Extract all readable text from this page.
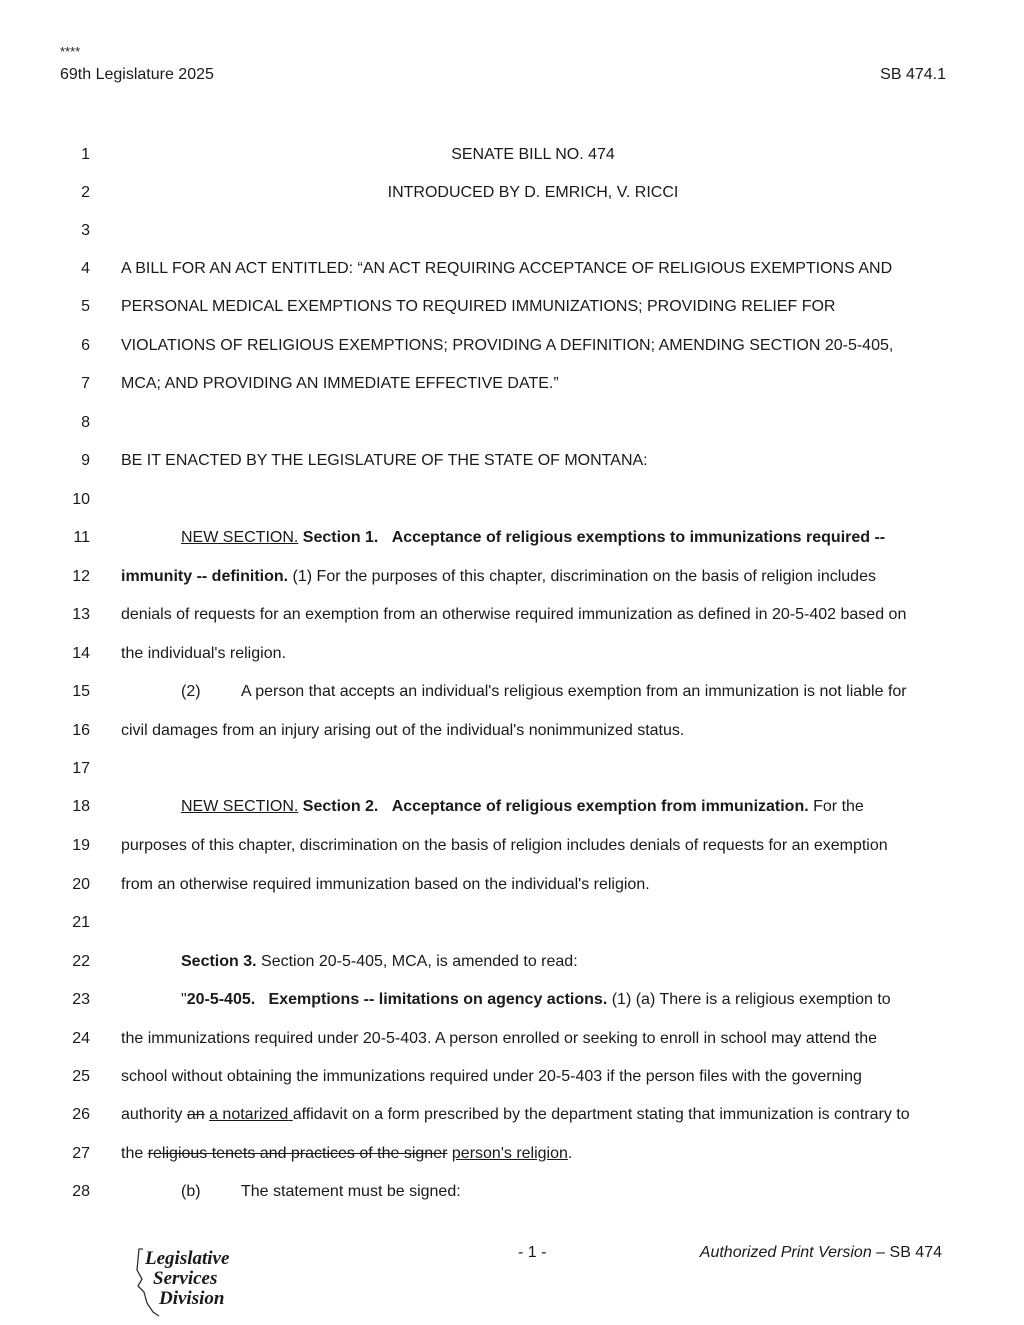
****
69th Legislature 2025	SB 474.1
1	SENATE BILL NO. 474
2	INTRODUCED BY D. EMRICH, V. RICCI
3
4 A BILL FOR AN ACT ENTITLED: “AN ACT REQUIRING ACCEPTANCE OF RELIGIOUS EXEMPTIONS AND
5 PERSONAL MEDICAL EXEMPTIONS TO REQUIRED IMMUNIZATIONS; PROVIDING RELIEF FOR
6 VIOLATIONS OF RELIGIOUS EXEMPTIONS; PROVIDING A DEFINITION; AMENDING SECTION 20-5-405,
7 MCA; AND PROVIDING AN IMMEDIATE EFFECTIVE DATE.”
8
9 BE IT ENACTED BY THE LEGISLATURE OF THE STATE OF MONTANA:
10
11	NEW SECTION. Section 1. Acceptance of religious exemptions to immunizations required --
12 immunity -- definition. (1) For the purposes of this chapter, discrimination on the basis of religion includes
13 denials of requests for an exemption from an otherwise required immunization as defined in 20-5-402 based on
14 the individual's religion.
15	(2)	A person that accepts an individual's religious exemption from an immunization is not liable for
16 civil damages from an injury arising out of the individual's nonimmunized status.
17
18	NEW SECTION. Section 2. Acceptance of religious exemption from immunization. For the
19 purposes of this chapter, discrimination on the basis of religion includes denials of requests for an exemption
20 from an otherwise required immunization based on the individual's religion.
21
22	Section 3. Section 20-5-405, MCA, is amended to read:
23	"20-5-405. Exemptions -- limitations on agency actions. (1) (a) There is a religious exemption to
24 the immunizations required under 20-5-403. A person enrolled or seeking to enroll in school may attend the
25 school without obtaining the immunizations required under 20-5-403 if the person files with the governing
26 authority an a notarized affidavit on a form prescribed by the department stating that immunization is contrary to
27 the religious tenets and practices of the signer person's religion.
28	(b)	The statement must be signed:
Legislative
Services
Division
- 1 -	Authorized Print Version – SB 474
